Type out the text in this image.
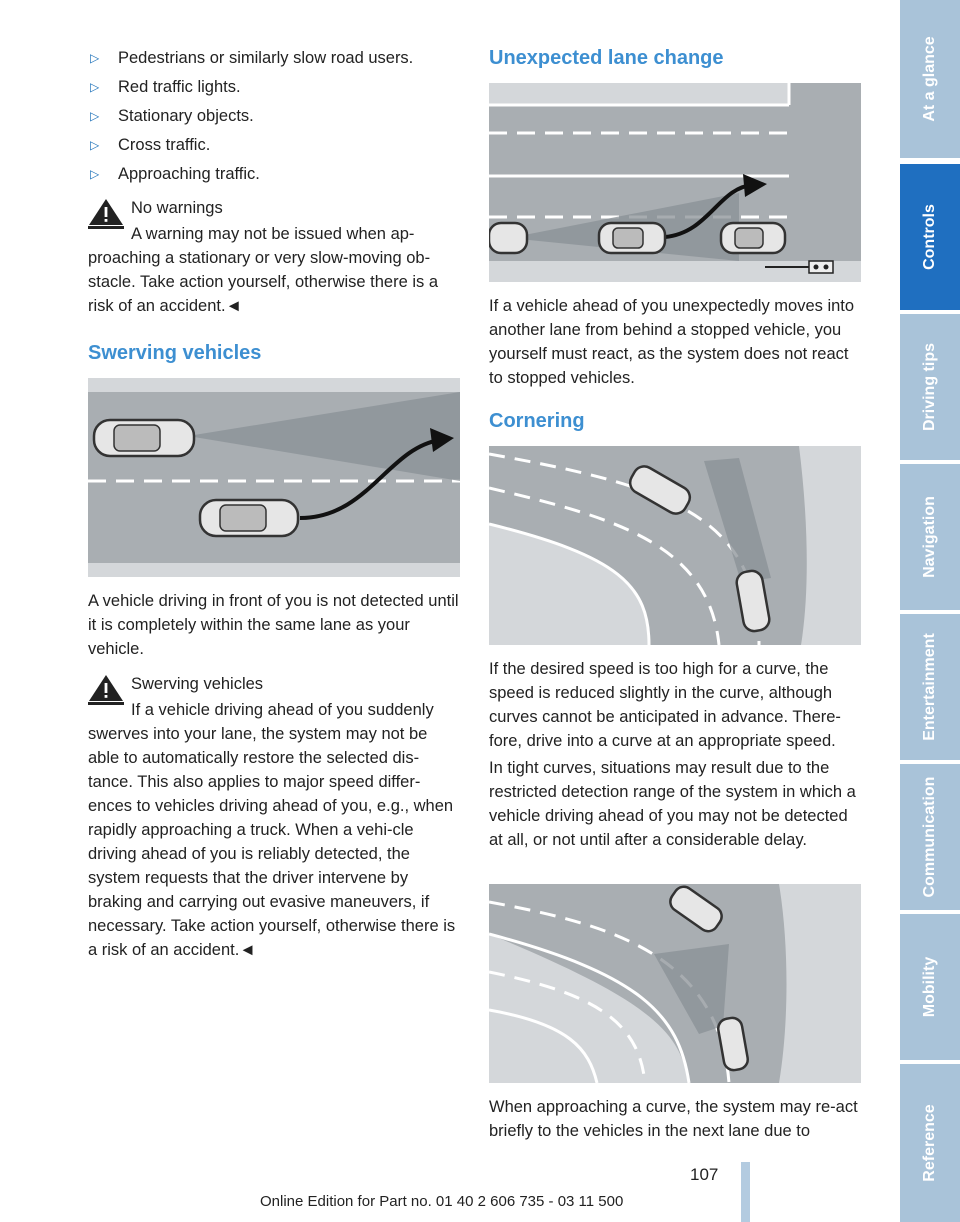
▷ Pedestrians or similarly slow road users.
▷ Red traffic lights.
▷ Stationary objects.
▷ Cross traffic.
▷ Approaching traffic.

No warnings

A warning may not be issued when ap-

proaching a stationary or very slow-moving ob-stacle. Take action yourself, otherwise there is a risk of an accident.◄

Swerving vehicles

A vehicle driving in front of you is not detected until it is completely within the same lane as your vehicle.

Swerving vehicles

If a vehicle driving ahead of you suddenly

swerves into your lane, the system may not be able to automatically restore the selected dis-tance. This also applies to major speed differ-ences to vehicles driving ahead of you, e.g., when rapidly approaching a truck. When a vehi-cle driving ahead of you is reliably detected, the system requests that the driver intervene by braking and carrying out evasive maneuvers, if necessary. Take action yourself, otherwise there is a risk of an accident.◄

Unexpected lane change

If a vehicle ahead of you unexpectedly moves into another lane from behind a stopped vehicle, you yourself must react, as the system does not react to stopped vehicles.

Cornering

If the desired speed is too high for a curve, the speed is reduced slightly in the curve, although curves cannot be anticipated in advance. There-fore, drive into a curve at an appropriate speed.

In tight curves, situations may result due to the restricted detection range of the system in which a vehicle driving ahead of you may not be detected at all, or not until after a considerable delay.

When approaching a curve, the system may re-act briefly to the vehicles in the next lane due to

At a glance
Controls
Driving tips
Navigation
Entertainment
Communication
Mobility
Reference
107
Online Edition for Part no. 01 40 2 606 735 - 03 11 500
